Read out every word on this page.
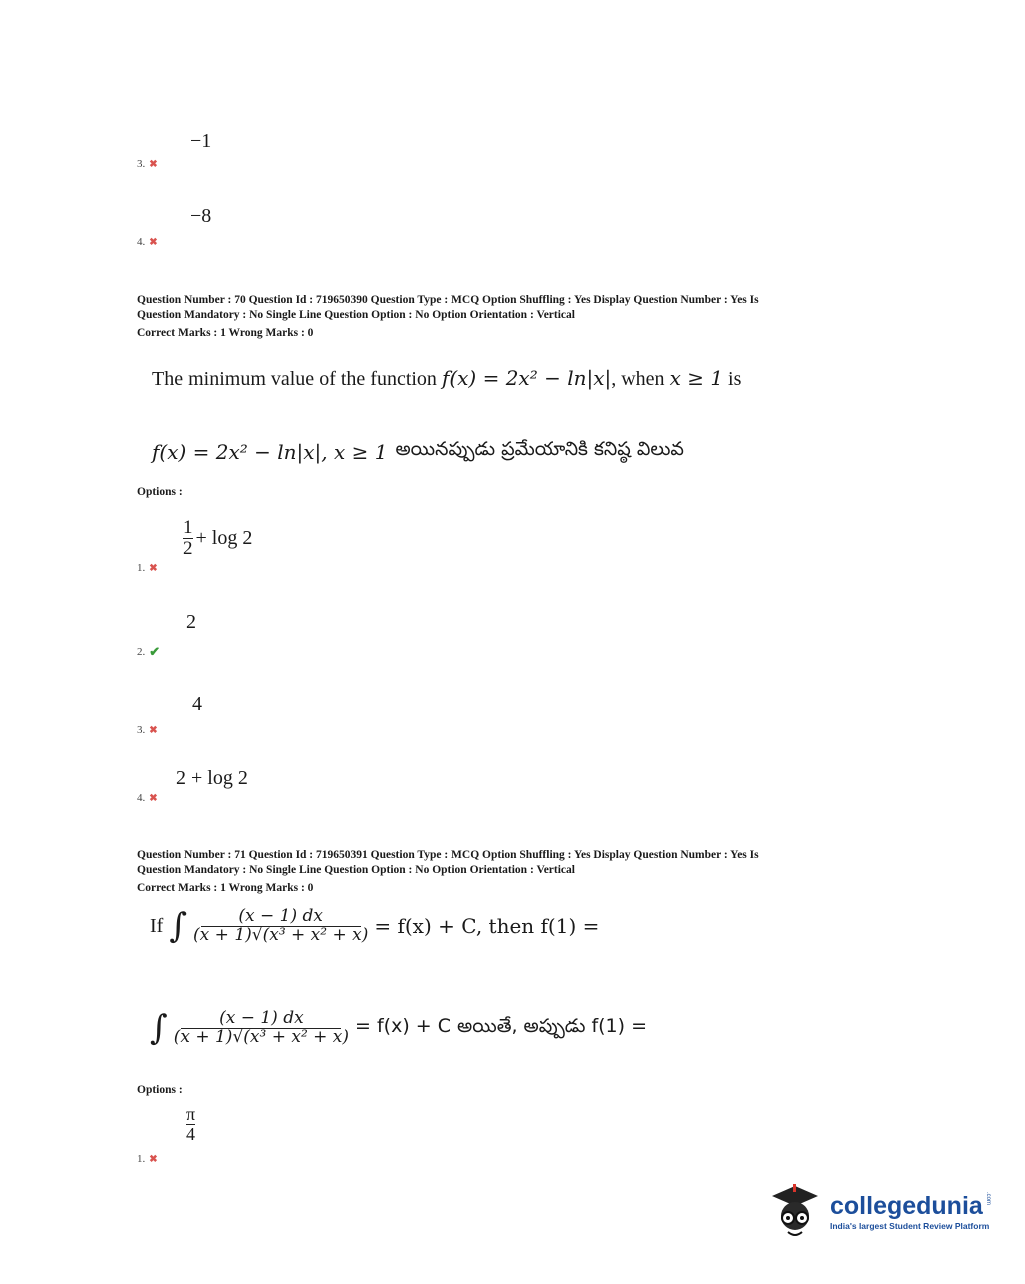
−1
3. ✖
−8
4. ✖
Question Number : 70 Question Id : 719650390 Question Type : MCQ Option Shuffling : Yes Display Question Number : Yes Is
Question Mandatory : No Single Line Question Option : No Option Orientation : Vertical
Correct Marks : 1 Wrong Marks : 0
The minimum value of the function f(x) = 2x² − ln|x|, when x ≥ 1 is
f(x) = 2x² − ln|x|, x ≥ 1 అయినప్పుడు ప్రమేయానికి కనిష్ఠ విలువ
Options :
$\frac{1}{2} + \log 2$
1. ✖
2
2. ✔
4
3. ✖
2 + log 2
4. ✖
Question Number : 71 Question Id : 719650391 Question Type : MCQ Option Shuffling : Yes Display Question Number : Yes Is
Question Mandatory : No Single Line Question Option : No Option Orientation : Vertical
Correct Marks : 1 Wrong Marks : 0
If ∫ $\frac{(x - 1) dx}{\text{(x + 1)√(x³ + x² + x)}} = f(x) + C$, then f(1) =
∫ $\frac{(x - 1) dx}{\text{(x + 1)√(x³ + x² + x)}} = f(x) + C$ అయితే, అప్పుడు f(1) =
Options :
$\frac{\pi}{4}$
1. ✖
collegedunia .com
India's largest Student Review Platform
